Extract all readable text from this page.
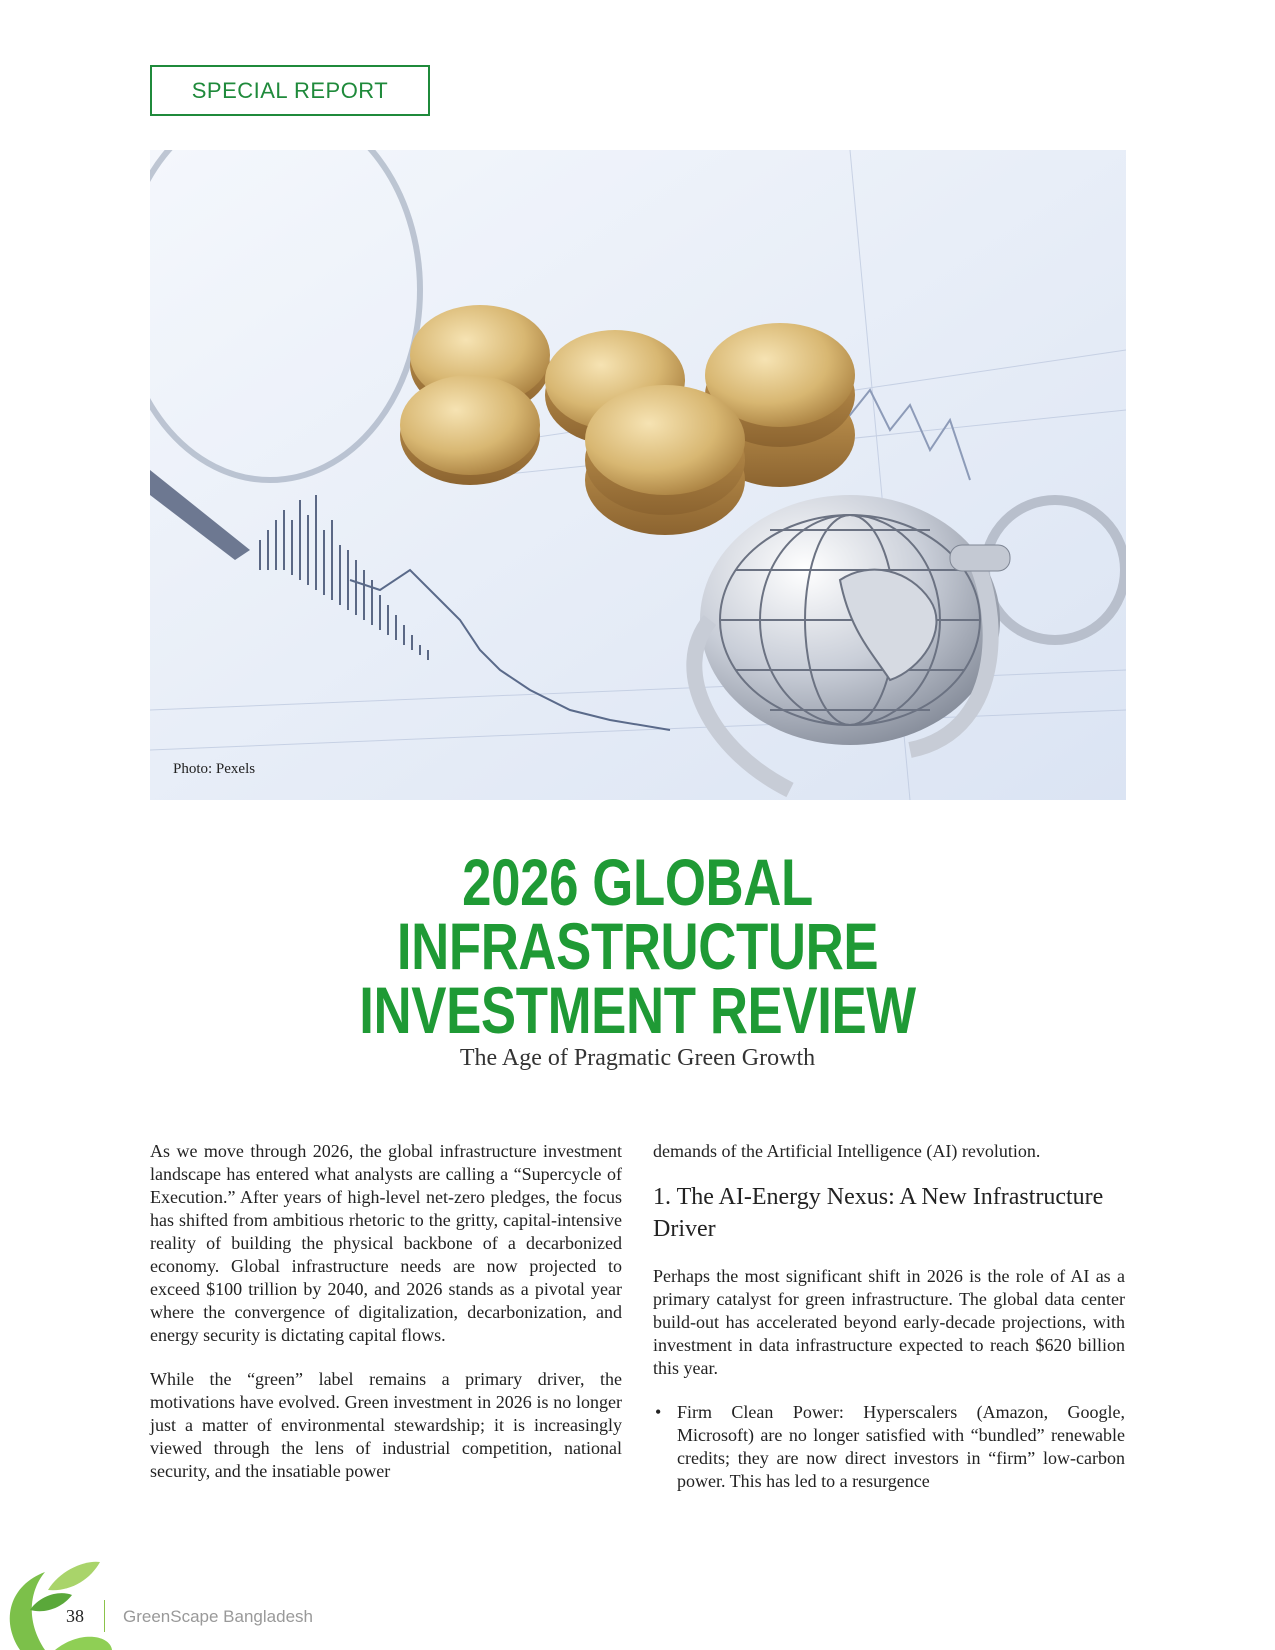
SPECIAL REPORT
Photo: Pexels
2026 GLOBAL
INFRASTRUCTURE
INVESTMENT REVIEW
The Age of Pragmatic Green Growth

As we move through 2026, the global infrastructure investment landscape has entered what analysts are calling a “Supercycle of Execution.” After years of high-level net-zero pledges, the focus has shifted from ambitious rhetoric to the gritty, capital-intensive reality of building the physical backbone of a decarbonized economy. Global infrastructure needs are now projected to exceed $100 trillion by 2040, and 2026 stands as a pivotal year where the convergence of digitalization, decarbonization, and energy security is dictating capital flows.

While the “green” label remains a primary driver, the motivations have evolved. Green investment in 2026 is no longer just a matter of environmental stewardship; it is increasingly viewed through the lens of industrial competition, national security, and the insatiable power

demands of the Artificial Intelligence (AI) revolution.

1. The AI-Energy Nexus: A New Infrastructure Driver

Perhaps the most significant shift in 2026 is the role of AI as a primary catalyst for green infrastructure. The global data center build-out has accelerated beyond early-decade projections, with investment in data infrastructure expected to reach $620 billion this year.

• Firm Clean Power: Hyperscalers (Amazon, Google, Microsoft) are no longer satisfied with “bundled” renewable credits; they are now direct investors in “firm” low-carbon power. This has led to a resurgence
38 GreenScape Bangladesh
